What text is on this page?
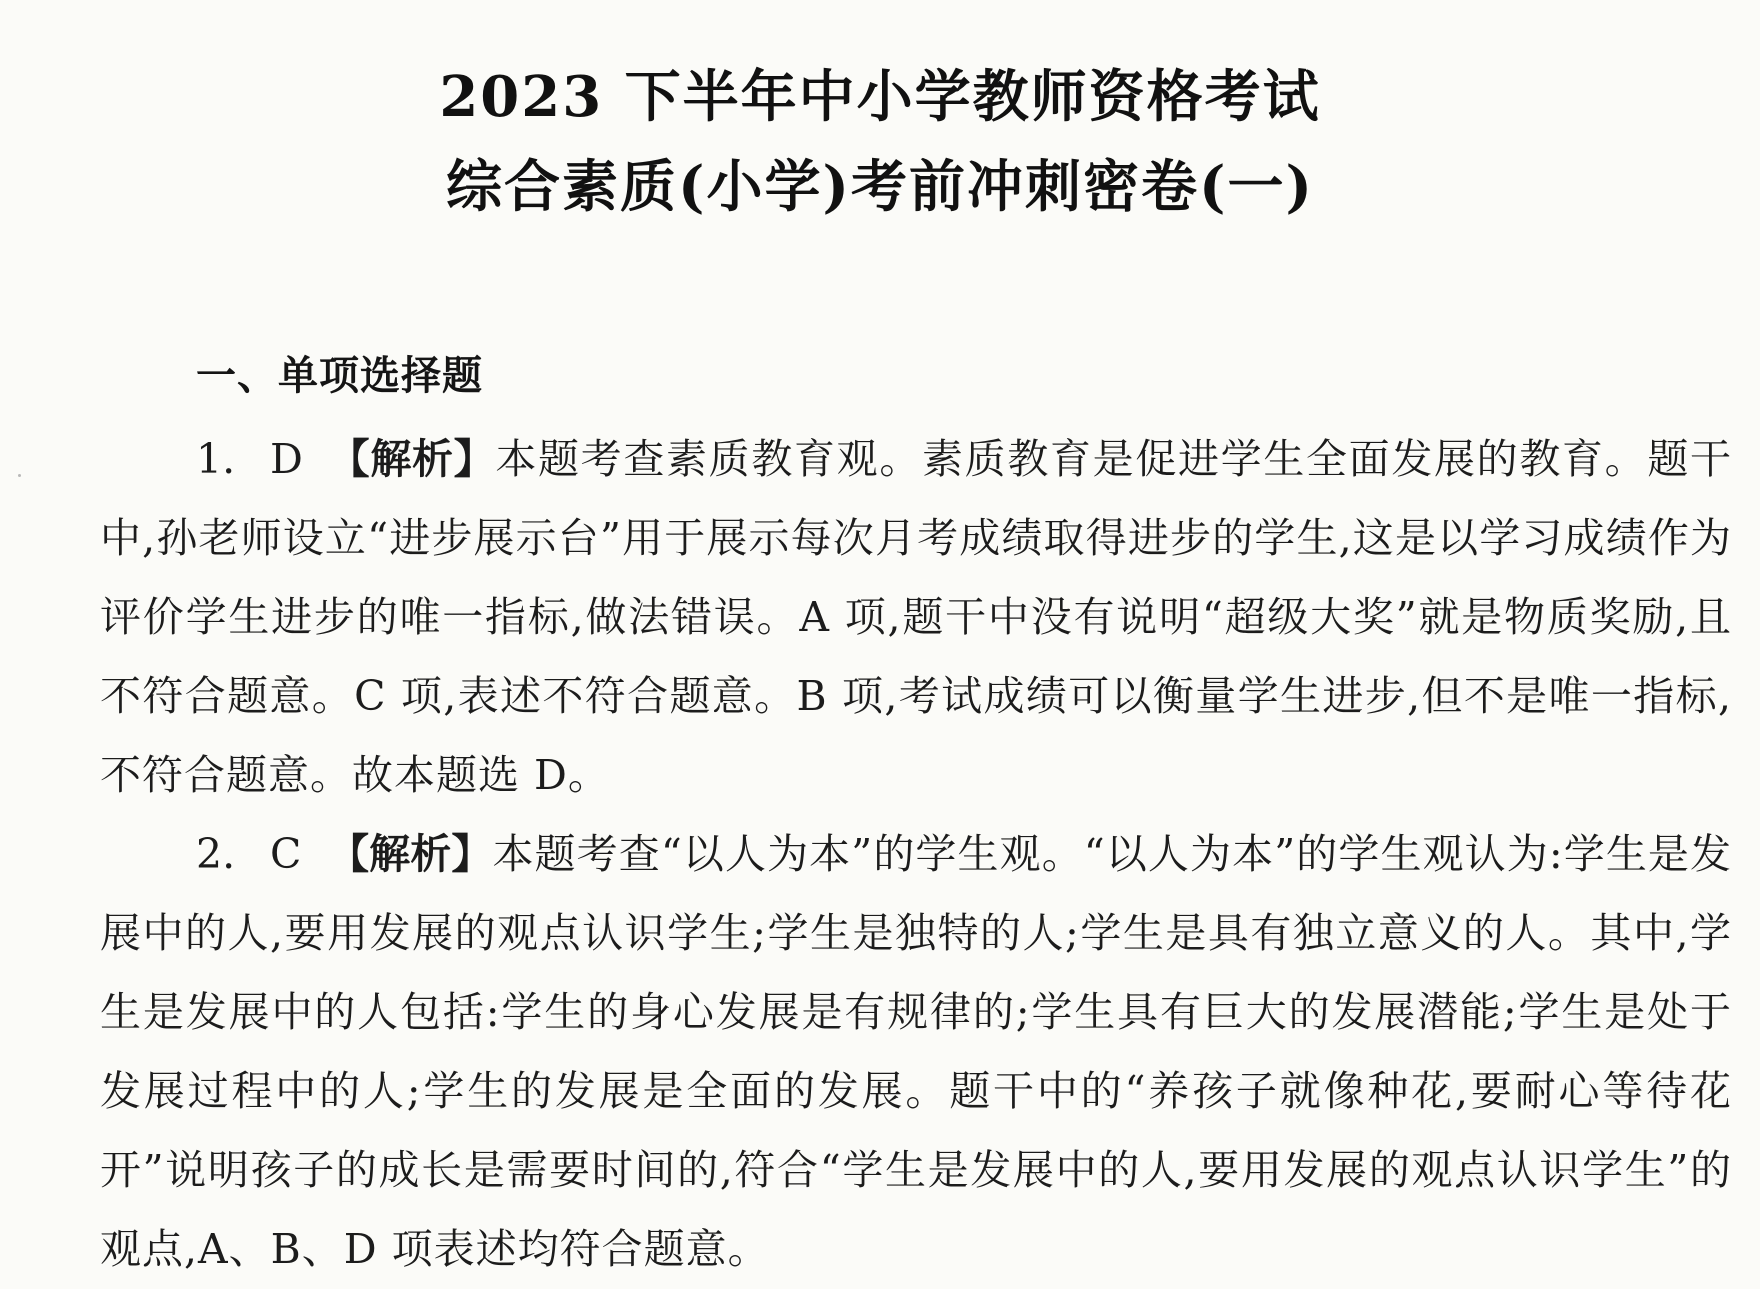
2023 下半年中小学教师资格考试
综合素质(小学)考前冲刺密卷(一)
一、单项选择题
1. D 【解析】本题考查素质教育观。素质教育是促进学生全面发展的教育。题干中,孙老师设立“进步展示台”用于展示每次月考成绩取得进步的学生,这是以学习成绩作为评价学生进步的唯一指标,做法错误。A 项,题干中没有说明“超级大奖”就是物质奖励,且不符合题意。C 项,表述不符合题意。B 项,考试成绩可以衡量学生进步,但不是唯一指标,不符合题意。故本题选 D。
2. C 【解析】本题考查“以人为本”的学生观。“以人为本”的学生观认为:学生是发展中的人,要用发展的观点认识学生;学生是独特的人;学生是具有独立意义的人。其中,学生是发展中的人包括:学生的身心发展是有规律的;学生具有巨大的发展潜能;学生是处于发展过程中的人;学生的发展是全面的发展。题干中的“养孩子就像种花,要耐心等待花开”说明孩子的成长是需要时间的,符合“学生是发展中的人,要用发展的观点认识学生”的观点,A、B、D 项表述均符合题意。
